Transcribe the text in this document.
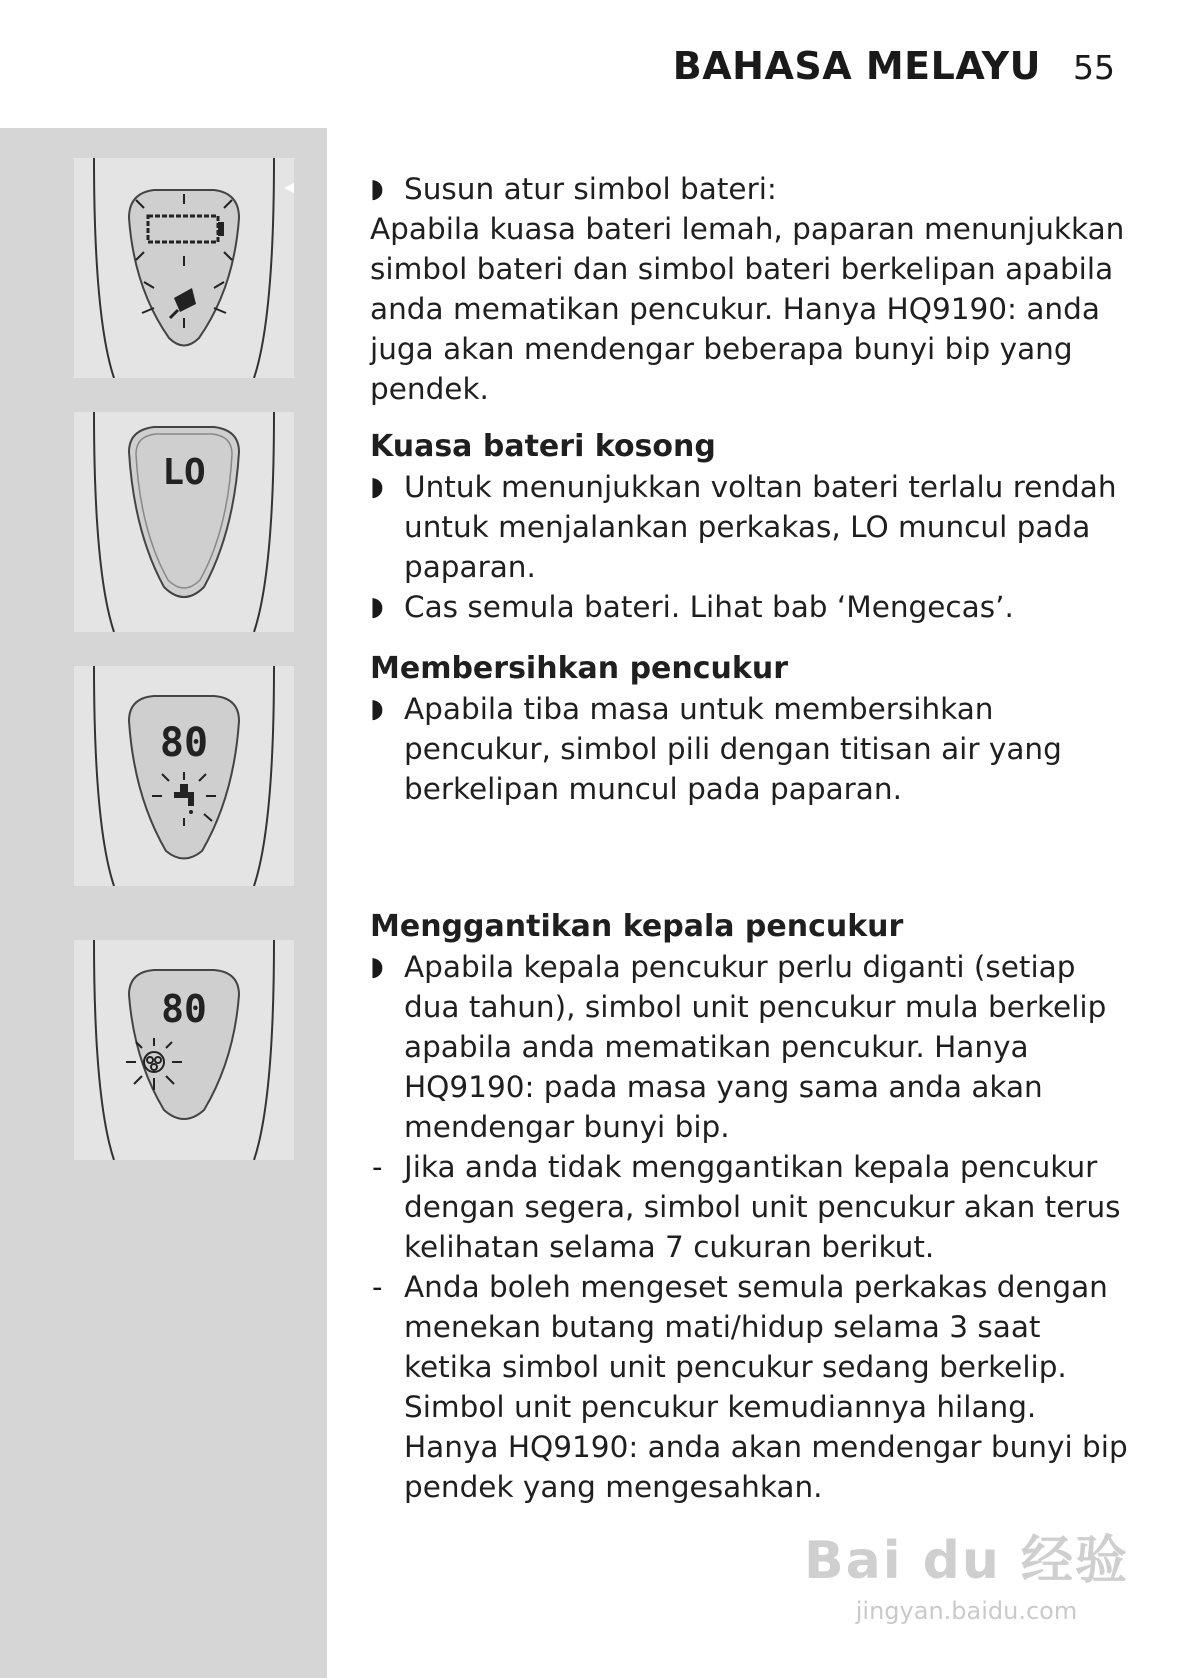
BAHASA MELAYU 55
LO
80
80
◗ Susun atur simbol bateri:

Apabila kuasa bateri lemah, paparan menunjukkan simbol bateri dan simbol bateri berkelipan apabila anda mematikan pencukur. Hanya HQ9190: anda juga akan mendengar beberapa bunyi bip yang pendek.

Kuasa bateri kosong

◗ Untuk menunjukkan voltan bateri terlalu rendah untuk menjalankan perkakas, LO muncul pada paparan.

◗ Cas semula bateri. Lihat bab ‘Mengecas’.

Membersihkan pencukur

◗ Apabila tiba masa untuk membersihkan pencukur, simbol pili dengan titisan air yang berkelipan muncul pada paparan.

Menggantikan kepala pencukur

◗ Apabila kepala pencukur perlu diganti (setiap dua tahun), simbol unit pencukur mula berkelip apabila anda mematikan pencukur. Hanya HQ9190: pada masa yang sama anda akan mendengar bunyi bip.

- Jika anda tidak menggantikan kepala pencukur dengan segera, simbol unit pencukur akan terus kelihatan selama 7 cukuran berikut.

- Anda boleh mengeset semula perkakas dengan menekan butang mati/hidup selama 3 saat ketika simbol unit pencukur sedang berkelip. Simbol unit pencukur kemudiannya hilang. Hanya HQ9190: anda akan mendengar bunyi bip pendek yang mengesahkan.

Bai du 经验
jingyan.baidu.com
